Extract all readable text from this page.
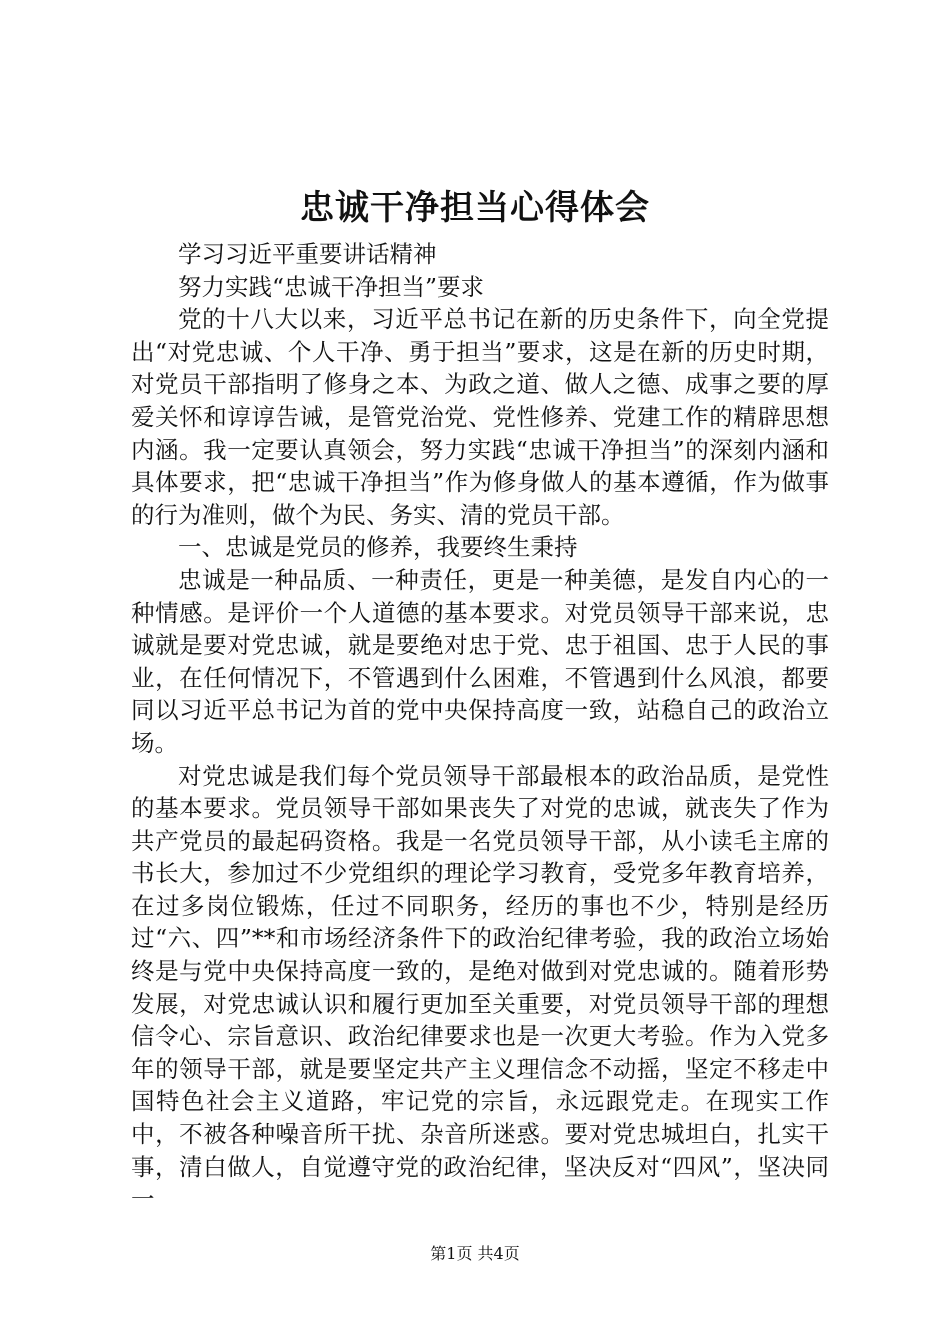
忠诚干净担当心得体会

学习习近平重要讲话精神

努力实践“忠诚干净担当”要求

党的十八大以来，习近平总书记在新的历史条件下，向全党提出“对党忠诚、个人干净、勇于担当”要求，这是在新的历史时期，对党员干部指明了修身之本、为政之道、做人之德、成事之要的厚爱关怀和谆谆告诫，是管党治党、党性修养、党建工作的精辟思想内涵。我一定要认真领会，努力实践“忠诚干净担当”的深刻内涵和具体要求，把“忠诚干净担当”作为修身做人的基本遵循，作为做事的行为准则，做个为民、务实、清的党员干部。

一、忠诚是党员的修养，我要终生秉持

忠诚是一种品质、一种责任，更是一种美德，是发自内心的一种情感。是评价一个人道德的基本要求。对党员领导干部来说，忠诚就是要对党忠诚，就是要绝对忠于党、忠于祖国、忠于人民的事业，在任何情况下，不管遇到什么困难，不管遇到什么风浪，都要同以习近平总书记为首的党中央保持高度一致，站稳自己的政治立场。

对党忠诚是我们每个党员领导干部最根本的政治品质，是党性的基本要求。党员领导干部如果丧失了对党的忠诚，就丧失了作为共产党员的最起码资格。我是一名党员领导干部，从小读毛主席的书长大，参加过不少党组织的理论学习教育，受党多年教育培养，在过多岗位锻炼，任过不同职务，经历的事也不少，特别是经历过“六、四”**和市场经济条件下的政治纪律考验，我的政治立场始终是与党中央保持高度一致的，是绝对做到对党忠诚的。随着形势发展，对党忠诚认识和履行更加至关重要，对党员领导干部的理想信令心、宗旨意识、政治纪律要求也是一次更大考验。作为入党多年的领导干部，就是要坚定共产主义理信念不动摇，坚定不移走中国特色社会主义道路，牢记党的宗旨，永远跟党走。在现实工作中，不被各种噪音所干扰、杂音所迷惑。要对党忠城坦白，扎实干事，清白做人，自觉遵守党的政治纪律，坚决反对“四风”，坚决同一

第1页 共4页
